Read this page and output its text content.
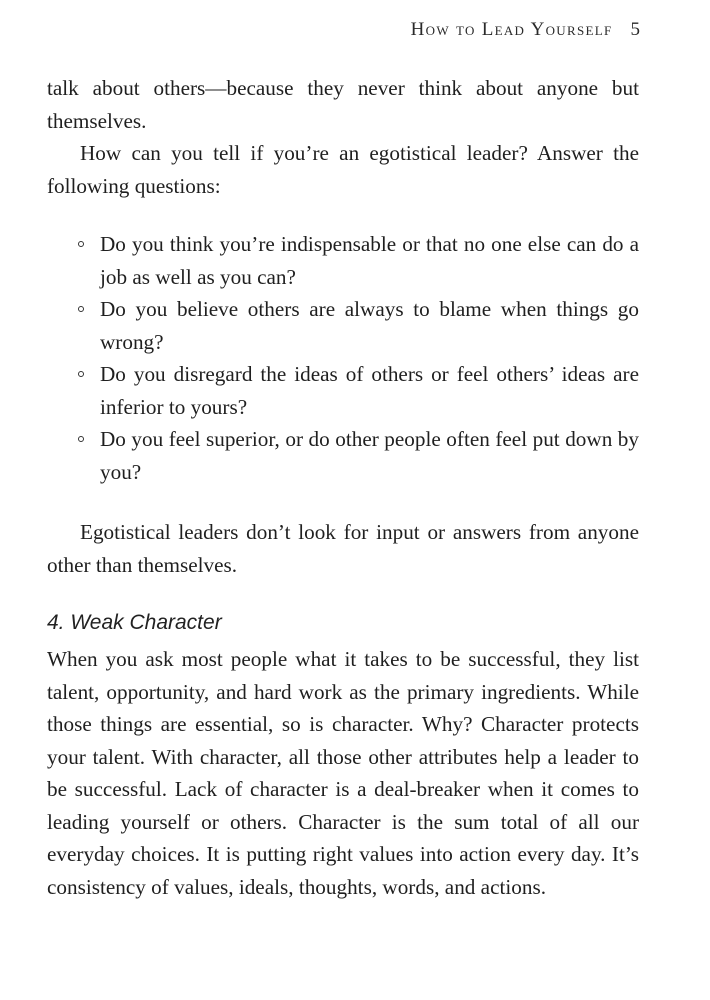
How to Lead Yourself 5

talk about others—because they never think about anyone but themselves.

How can you tell if you’re an egotistical leader? Answer the following questions:

Do you think you’re indispensable or that no one else can do a job as well as you can?
Do you believe others are always to blame when things go wrong?
Do you disregard the ideas of others or feel others’ ideas are inferior to yours?
Do you feel superior, or do other people often feel put down by you?

Egotistical leaders don’t look for input or answers from anyone other than themselves.

4. Weak Character

When you ask most people what it takes to be successful, they list talent, opportunity, and hard work as the primary ingredients. While those things are essential, so is character. Why? Character protects your talent. With character, all those other attributes help a leader to be successful. Lack of character is a deal-breaker when it comes to leading yourself or others. Character is the sum total of all our everyday choices. It is putting right values into action every day. It’s consistency of values, ideals, thoughts, words, and actions.
